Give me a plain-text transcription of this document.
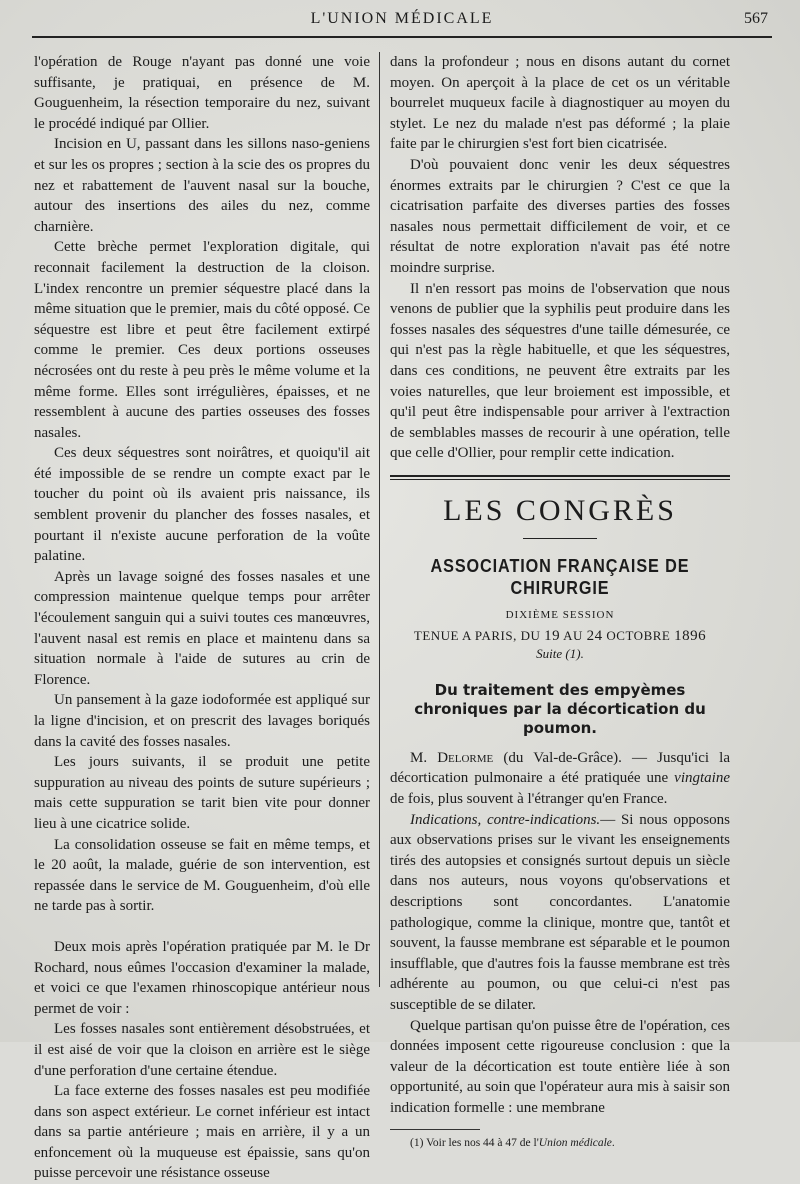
L'UNION MÉDICALE	567

l'opération de Rouge n'ayant pas donné une voie suffisante, je pratiquai, en présence de M. Gouguenheim, la résection temporaire du nez, suivant le procédé indiqué par Ollier.

Incision en U, passant dans les sillons naso-geniens et sur les os propres ; section à la scie des os propres du nez et rabattement de l'auvent nasal sur la bouche, autour des insertions des ailes du nez, comme charnière.

Cette brèche permet l'exploration digitale, qui reconnait facilement la destruction de la cloison. L'index rencontre un premier séquestre placé dans la même situation que le premier, mais du côté opposé. Ce séquestre est libre et peut être facilement extirpé comme le premier. Ces deux portions osseuses nécrosées ont du reste à peu près le même volume et la même forme. Elles sont irrégulières, épaisses, et ne ressemblent à aucune des parties osseuses des fosses nasales.

Ces deux séquestres sont noirâtres, et quoiqu'il ait été impossible de se rendre un compte exact par le toucher du point où ils avaient pris naissance, ils semblent provenir du plancher des fosses nasales, et pourtant il n'existe aucune perforation de la voûte palatine.

Après un lavage soigné des fosses nasales et une compression maintenue quelque temps pour arrêter l'écoulement sanguin qui a suivi toutes ces manœuvres, l'auvent nasal est remis en place et maintenu dans sa situation normale à l'aide de sutures au crin de Florence.

Un pansement à la gaze iodoformée est appliqué sur la ligne d'incision, et on prescrit des lavages boriqués dans la cavité des fosses nasales.

Les jours suivants, il se produit une petite suppuration au niveau des points de suture supérieurs ; mais cette suppuration se tarit bien vite pour donner lieu à une cicatrice solide.

La consolidation osseuse se fait en même temps, et le 20 août, la malade, guérie de son intervention, est repassée dans le service de M. Gouguenheim, d'où elle ne tarde pas à sortir.

Deux mois après l'opération pratiquée par M. le Dr Rochard, nous eûmes l'occasion d'examiner la malade, et voici ce que l'examen rhinoscopique antérieur nous permet de voir :

Les fosses nasales sont entièrement désobstruées, et il est aisé de voir que la cloison en arrière est le siège d'une perforation d'une certaine étendue.

La face externe des fosses nasales est peu modifiée dans son aspect extérieur. Le cornet inférieur est intact dans sa partie antérieure ; mais en arrière, il y a un enfoncement où la muqueuse est épaissie, sans qu'on puisse percevoir une résistance osseuse

dans la profondeur ; nous en disons autant du cornet moyen. On aperçoit à la place de cet os un véritable bourrelet muqueux facile à diagnostiquer au moyen du stylet. Le nez du malade n'est pas déformé ; la plaie faite par le chirurgien s'est fort bien cicatrisée.

D'où pouvaient donc venir les deux séquestres énormes extraits par le chirurgien ? C'est ce que la cicatrisation parfaite des diverses parties des fosses nasales nous permettait difficilement de voir, et ce résultat de notre exploration n'avait pas été notre moindre surprise.

Il n'en ressort pas moins de l'observation que nous venons de publier que la syphilis peut produire dans les fosses nasales des séquestres d'une taille démesurée, ce qui n'est pas la règle habituelle, et que les séquestres, dans ces conditions, ne peuvent être extraits par les voies naturelles, que leur broiement est impossible, et qu'il peut être indispensable pour arriver à l'extraction de semblables masses de recourir à une opération, telle que celle d'Ollier, pour remplir cette indication.

LES CONGRÈS
ASSOCIATION FRANÇAISE DE CHIRURGIE
DIXIÈME SESSION
TENUE A PARIS, DU 19 AU 24 OCTOBRE 1896
Suite (1).
Du traitement des empyèmes chroniques par la décortication du poumon.

M. Delorme (du Val-de-Grâce). — Jusqu'ici la décortication pulmonaire a été pratiquée une vingtaine de fois, plus souvent à l'étranger qu'en France.

Indications, contre-indications.— Si nous opposons aux observations prises sur le vivant les enseignements tirés des autopsies et consignés surtout depuis un siècle dans nos auteurs, nous voyons qu'observations et descriptions sont concordantes. L'anatomie pathologique, comme la clinique, montre que, tantôt et souvent, la fausse membrane est séparable et le poumon insufflable, que d'autres fois la fausse membrane est très adhérente au poumon, ou que celui-ci n'est pas susceptible de se dilater.

Quelque partisan qu'on puisse être de l'opération, ces données imposent cette rigoureuse conclusion : que la valeur de la décortication est toute entière liée à son opportunité, au soin que l'opérateur aura mis à saisir son indication formelle : une membrane

(1) Voir les nos 44 à 47 de l'Union médicale.
